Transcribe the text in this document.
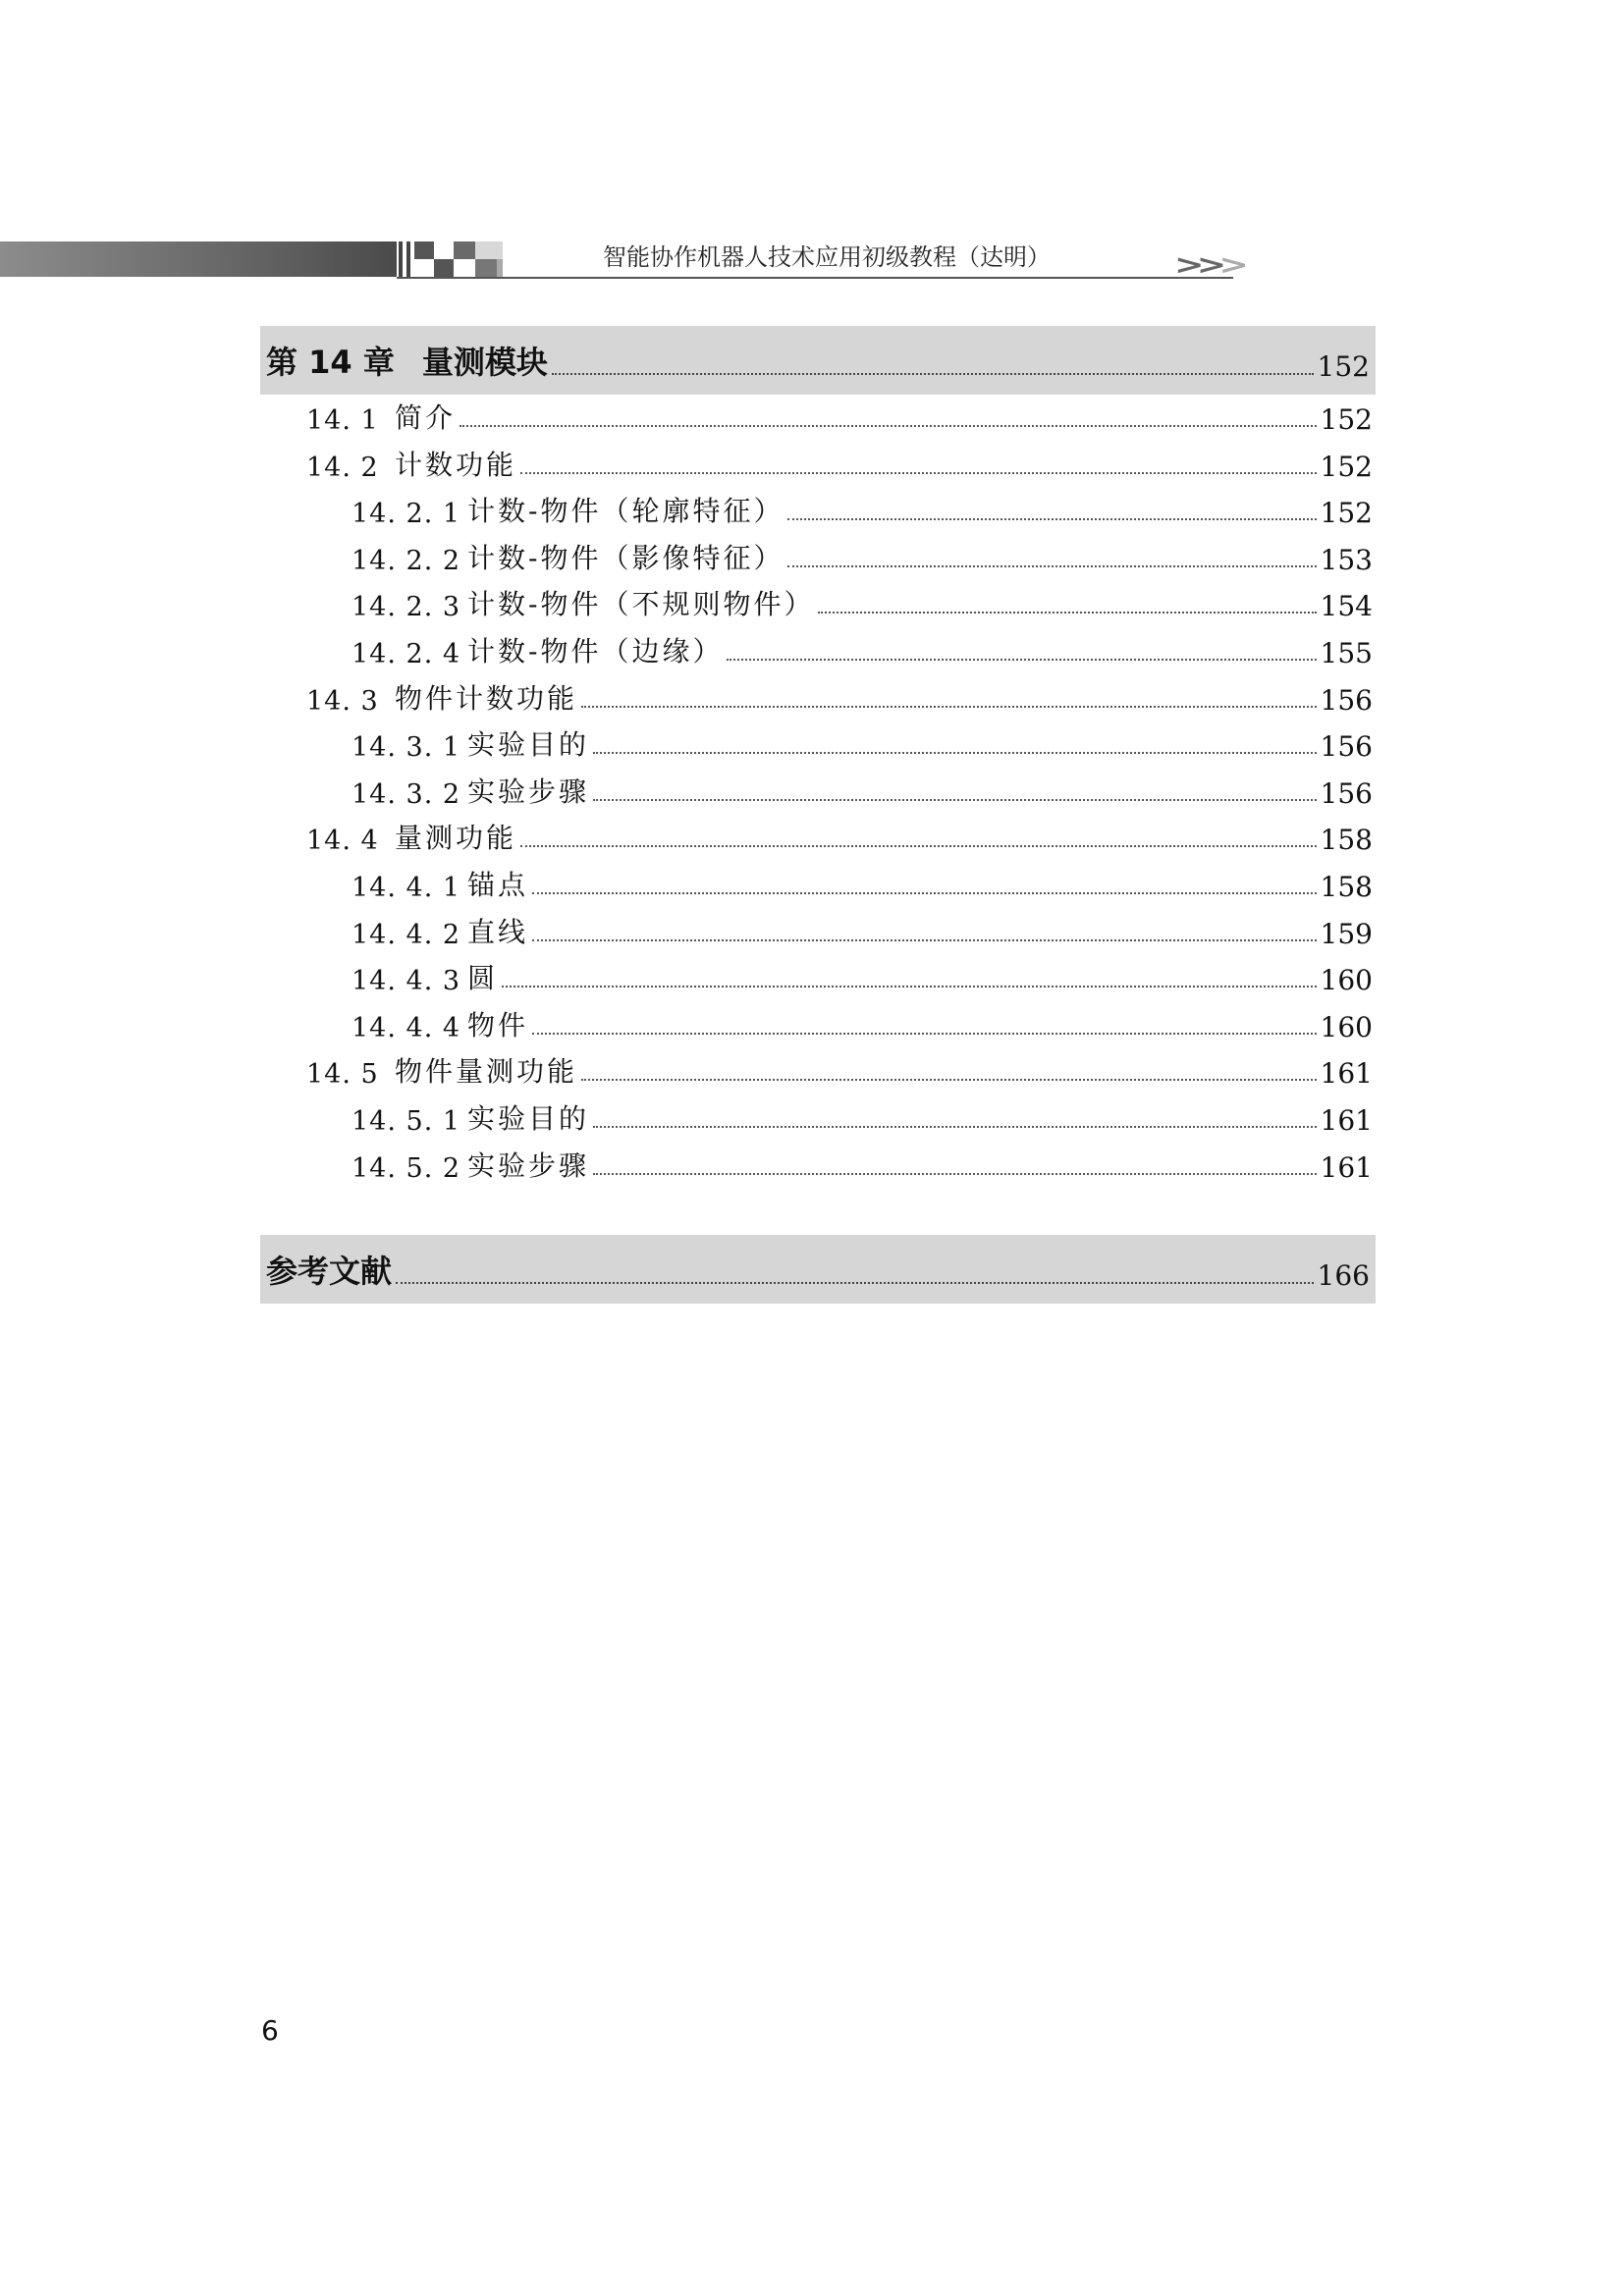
智能协作机器人技术应用初级教程（达明）	>>>
第 14 章 量测模块	152
14. 1 简介	152
14. 2 计数功能	152
14. 2. 1 计数-物件（轮廓特征）	152
14. 2. 2 计数-物件（影像特征）	153
14. 2. 3 计数-物件（不规则物件）	154
14. 2. 4 计数-物件（边缘）	155
14. 3 物件计数功能	156
14. 3. 1 实验目的	156
14. 3. 2 实验步骤	156
14. 4 量测功能	158
14. 4. 1 锚点	158
14. 4. 2 直线	159
14. 4. 3 圆	160
14. 4. 4 物件	160
14. 5 物件量测功能	161
14. 5. 1 实验目的	161
14. 5. 2 实验步骤	161
参考文献	166
6
